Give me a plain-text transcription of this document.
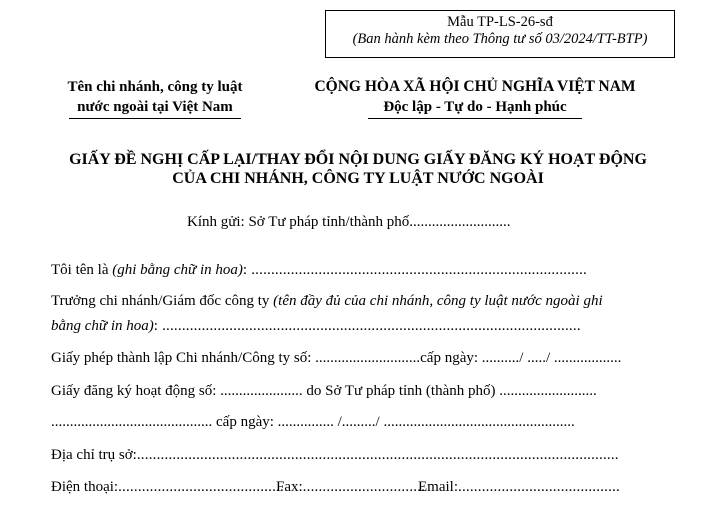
Mẫu TP-LS-26-sđ
(Ban hành kèm theo Thông tư số 03/2024/TT-BTP)
Tên chi nhánh, công ty luật
nước ngoài tại Việt Nam
CỘNG HÒA XÃ HỘI CHỦ NGHĨA VIỆT NAM
Độc lập - Tự do - Hạnh phúc
GIẤY ĐỀ NGHỊ CẤP LẠI/THAY ĐỔI NỘI DUNG GIẤY ĐĂNG KÝ HOẠT ĐỘNG
CỦA CHI NHÁNH, CÔNG TY LUẬT NƯỚC NGOÀI
Kính gửi: Sở Tư pháp tỉnh/thành phố...........................
Tôi tên là (ghi bằng chữ in hoa): .....................................................................................
Trưởng chi nhánh/Giám đốc công ty (tên đầy đủ của chi nhánh, công ty luật nước ngoài ghi
bằng chữ in hoa): ..........................................................................................................
Giấy phép thành lập Chi nhánh/Công ty số: ............................cấp ngày: ........../ ...../ ..................
Giấy đăng ký hoạt động số: ...................... do Sở Tư pháp tỉnh (thành phố) ..........................
........................................... cấp ngày: ............... /........./ ...................................................
Địa chỉ trụ sở:..........................................................................................................................
Điện thoại:..........................................
Fax:...............................
Email:.........................................
